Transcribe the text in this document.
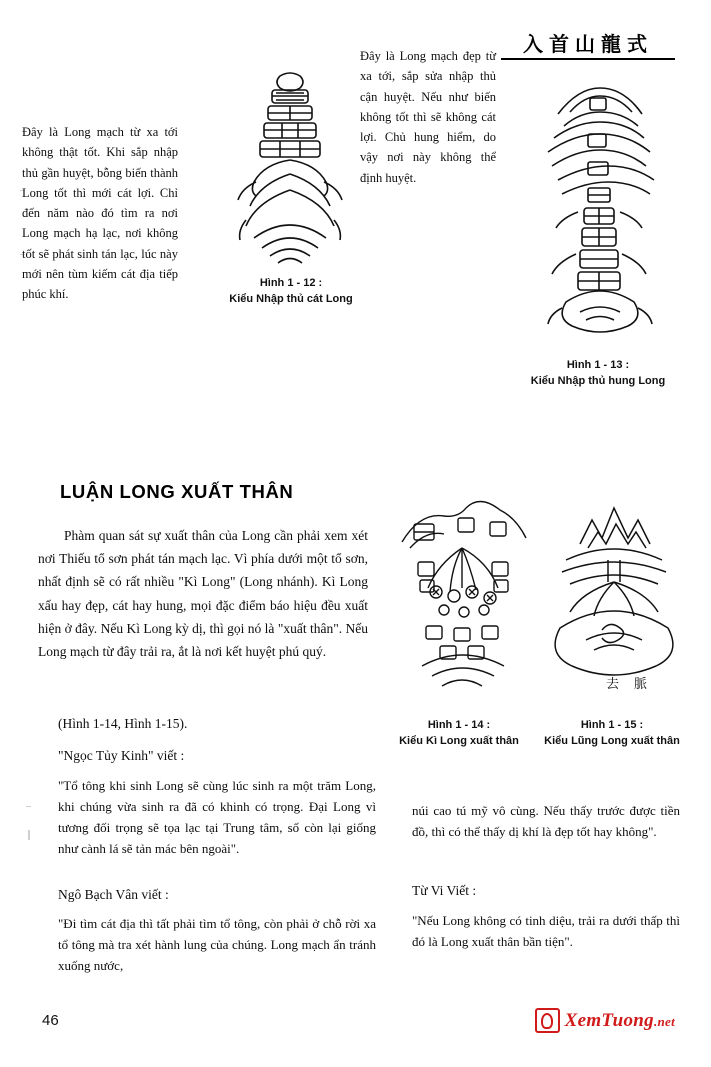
入首山龍式
Đây là Long mạch từ xa tới không thật tốt. Khi sắp nhập thủ gần huyệt, bỗng biến thành Long tốt thì mới cát lợi. Chỉ đến năm nào đó tìm ra nơi Long mạch hạ lạc, nơi không tốt sẽ phát sinh tán lạc, lúc này mới nên tùm kiếm cát địa tiếp phúc khí.
Đây là Long mạch đẹp từ xa tới, sắp sửa nhập thủ cận huyệt. Nếu như biến không tốt thì sẽ không cát lợi. Chủ hung hiểm, do vậy nơi này không thể định huyệt.
Hình 1 - 12 :
Kiểu Nhập thủ cát Long
Hình 1 - 13 :
Kiểu Nhập thủ hung Long
LUẬN LONG XUẤT THÂN
Phàm quan sát sự xuất thân của Long cần phải xem xét nơi Thiếu tổ sơn phát tán mạch lạc. Vì phía dưới một tổ sơn, nhất định sẽ có rất nhiều "Kì Long" (Long nhánh). Kì Long xấu hay đẹp, cát hay hung, mọi đặc điểm báo hiệu đều xuất hiện ở đây. Nếu Kì Long kỳ dị, thì gọi nó là "xuất thân". Nếu Long mạch từ đây trải ra, ắt là nơi kết huyệt phú quý.
(Hình 1-14, Hình 1-15).
"Ngọc Tủy Kinh" viết :
"Tổ tông khi sinh Long sẽ cùng lúc sinh ra một trăm Long, khi chúng vừa sinh ra đã có khinh có trọng. Đại Long vì tương đối trọng sẽ tọa lạc tại Trung tâm, số còn lại giống như cành lá sẽ tản mác bên ngoài".
Ngô Bạch Vân viết :
"Đi tìm cát địa thì tất phải tìm tổ tông, còn phải ở chỗ rời xa tổ tông mà tra xét hành lung của chúng. Long mạch ẩn tránh xuống nước,
núi cao tú mỹ vô cùng. Nếu thấy trước được tiền đồ, thì có thể thấy dị khí là đẹp tốt hay không".
Từ Vi Viết :
"Nếu Long không có tinh diệu, trải ra dưới thấp thì đó là Long xuất thân bần tiện".
Hình 1 - 14 :
Kiểu Kì Long xuất thân
去 脈
Hình 1 - 15 :
Kiểu Lũng Long xuất thân
46	XemTuong.net
